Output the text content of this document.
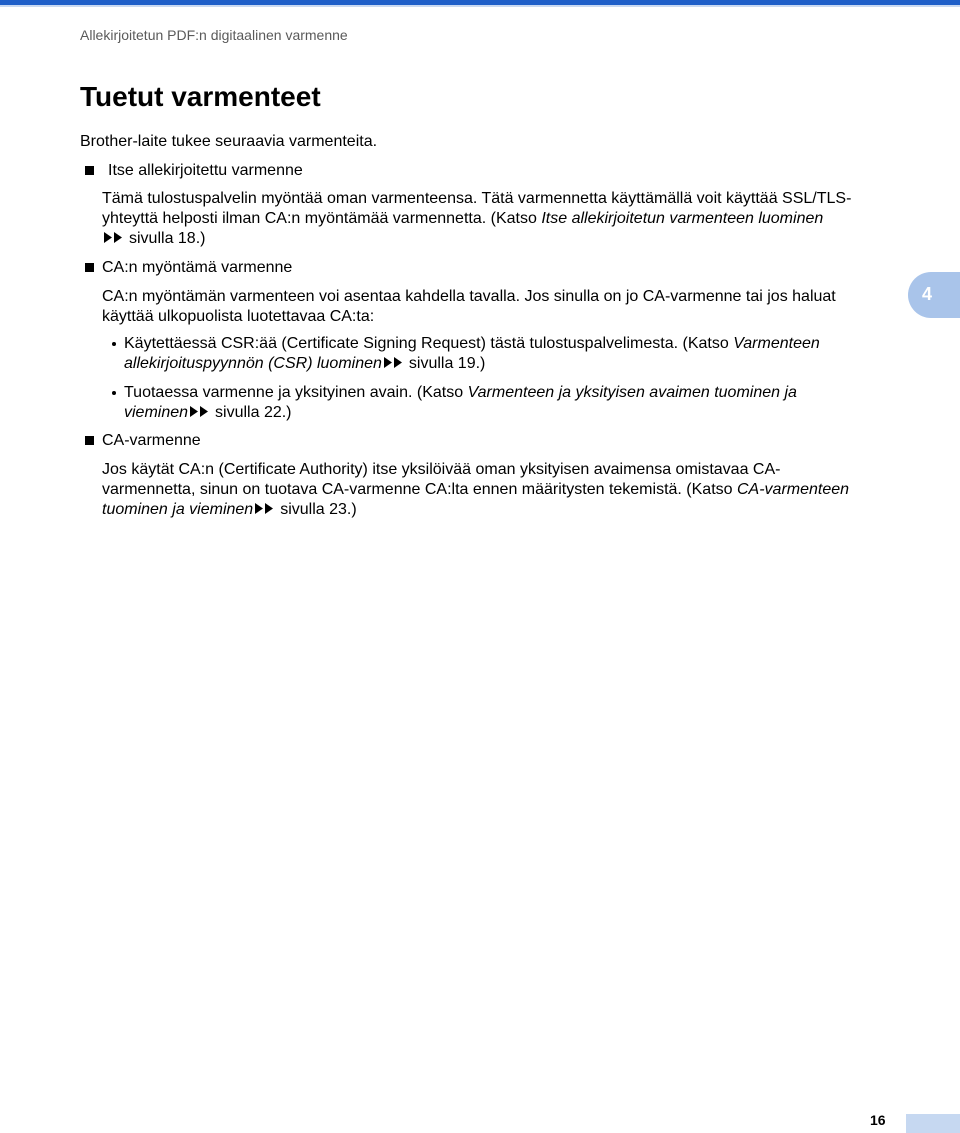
Allekirjoitetun PDF:n digitaalinen varmenne
Tuetut varmenteet
Brother-laite tukee seuraavia varmenteita.
Itse allekirjoitettu varmenne
Tämä tulostuspalvelin myöntää oman varmenteensa. Tätä varmennetta käyttämällä voit käyttää SSL/TLS-
yhteyttä helposti ilman CA:n myöntämää varmennetta. (Katso Itse allekirjoitetun varmenteen luominen
sivulla 18.)
CA:n myöntämä varmenne
CA:n myöntämän varmenteen voi asentaa kahdella tavalla. Jos sinulla on jo CA-varmenne tai jos haluat
käyttää ulkopuolista luotettavaa CA:ta:
Käytettäessä CSR:ää (Certificate Signing Request) tästä tulostuspalvelimesta. (Katso Varmenteen
allekirjoituspyynnön (CSR) luominen sivulla 19.)
Tuotaessa varmenne ja yksityinen avain. (Katso Varmenteen ja yksityisen avaimen tuominen ja
vieminen sivulla 22.)
CA-varmenne
Jos käytät CA:n (Certificate Authority) itse yksilöivää oman yksityisen avaimensa omistavaa CA-
varmennetta, sinun on tuotava CA-varmenne CA:lta ennen määritysten tekemistä. (Katso CA-varmenteen
tuominen ja vieminen sivulla 23.)
4
16
